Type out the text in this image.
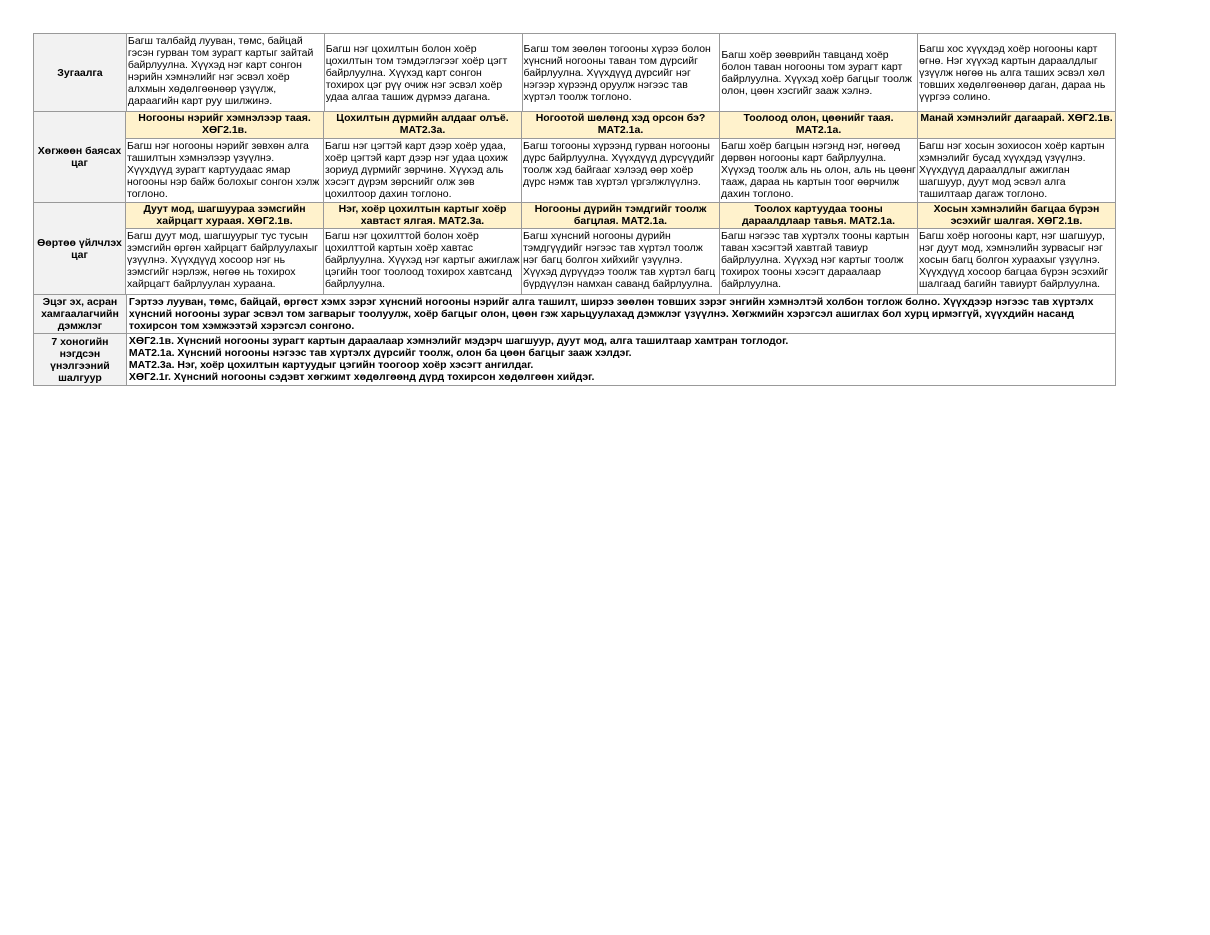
Зугаалга
Багш талбайд лууван, төмс, байцай гэсэн гурван том зурагт картыг зайтай байрлуулна. Хүүхэд нэг карт сонгон нэрийн хэмнэлийг нэг эсвэл хоёр алхмын хөдөлгөөнөөр үзүүлж, дараагийн карт руу шилжинэ.
Багш нэг цохилтын болон хоёр цохилтын том тэмдэглэгээг хоёр цэгт байрлуулна. Хүүхэд карт сонгон тохирох цэг рүү очиж нэг эсвэл хоёр удаа алгаа ташиж дүрмээ дагана.
Багш том зөөлөн тогооны хүрээ болон хүнсний ногооны таван том дүрсийг байрлуулна. Хүүхдүүд дүрсийг нэг нэгээр хүрээнд оруулж нэгээс тав хүртэл тоолж тоглоно.
Багш хоёр зөөврийн тавцанд хоёр болон таван ногооны том зурагт карт байрлуулна. Хүүхэд хоёр багцыг тоолж олон, цөөн хэсгийг зааж хэлнэ.
Багш хос хүүхдэд хоёр ногооны карт өгнө. Нэг хүүхэд картын дараалдлыг үзүүлж нөгөө нь алга таших эсвэл хөл товших хөдөлгөөнөөр даган, дараа нь үүргээ солино.
Хөгжөөн баясах цаг
Ногооны нэрийг хэмнэлээр таая. ХӨГ2.1в.
Цохилтын дүрмийн алдааг олъё. МАТ2.3а.
Ногоотой шөлөнд хэд орсон бэ? МАТ2.1а.
Тоолоод олон, цөөнийг таая. МАТ2.1а.
Манай хэмнэлийг дагаарай. ХӨГ2.1в.
Багш нэг ногооны нэрийг зөвхөн алга ташилтын хэмнэлээр үзүүлнэ. Хүүхдүүд зурагт картуудаас ямар ногооны нэр байж болохыг сонгон хэлж тоглоно.
Багш нэг цэгтэй карт дээр хоёр удаа, хоёр цэгтэй карт дээр нэг удаа цохиж зориуд дүрмийг зөрчинө. Хүүхэд аль хэсэгт дүрэм зөрснийг олж зөв цохилтоор дахин тоглоно.
Багш тогооны хүрээнд гурван ногооны дүрс байрлуулна. Хүүхдүүд дүрсүүдийг тоолж хэд байгааг хэлээд өөр хоёр дүрс нэмж тав хүртэл үргэлжлүүлнэ.
Багш хоёр багцын нэгэнд нэг, нөгөөд дөрвөн ногооны карт байрлуулна. Хүүхэд тоолж аль нь олон, аль нь цөөнг тааж, дараа нь картын тоог өөрчилж дахин тоглоно.
Багш нэг хосын зохиосон хоёр картын хэмнэлийг бусад хүүхдэд үзүүлнэ. Хүүхдүүд дараалдлыг ажиглан шагшуур, дуут мод эсвэл алга ташилтаар дагаж тоглоно.
Өөртөө үйлчлэх цаг
Дуут мод, шагшуураа зэмсгийн хайрцагт хураая. ХӨГ2.1в.
Нэг, хоёр цохилтын картыг хоёр хавтаст ялгая. МАТ2.3а.
Ногооны дүрийн тэмдгийг тоолж багцлая. МАТ2.1а.
Тоолох картуудаа тооны дараалдлаар тавья. МАТ2.1а.
Хосын хэмнэлийн багцаа бүрэн эсэхийг шалгая. ХӨГ2.1в.
Багш дуут мод, шагшуурыг тус тусын зэмсгийн өргөн хайрцагт байрлуулахыг үзүүлнэ. Хүүхдүүд хосоор нэг нь зэмсгийг нэрлэж, нөгөө нь тохирох хайрцагт байрлуулан хураана.
Багш нэг цохилттой болон хоёр цохилттой картын хоёр хавтас байрлуулна. Хүүхэд нэг картыг ажиглаж цэгийн тоог тоолоод тохирох хавтсанд байрлуулна.
Багш хүнсний ногооны дүрийн тэмдгүүдийг нэгээс тав хүртэл тоолж нэг багц болгон хийхийг үзүүлнэ. Хүүхэд дүрүүдээ тоолж тав хүртэл багц бүрдүүлэн намхан саванд байрлуулна.
Багш нэгээс тав хүртэлх тооны картын таван хэсэгтэй хавтгай тавиур байрлуулна. Хүүхэд нэг картыг тоолж тохирох тооны хэсэгт дараалаар байрлуулна.
Багш хоёр ногооны карт, нэг шагшуур, нэг дуут мод, хэмнэлийн зурвасыг нэг хосын багц болгон хураахыг үзүүлнэ. Хүүхдүүд хосоор багцаа бүрэн эсэхийг шалгаад багийн тавиурт байрлуулна.
Эцэг эх, асран хамгаалагчийн дэмжлэг
Гэртээ лууван, төмс, байцай, өргөст хэмх зэрэг хүнсний ногооны нэрийг алга ташилт, ширээ зөөлөн товших зэрэг энгийн хэмнэлтэй холбон тоглож болно. Хүүхдээр нэгээс тав хүртэлх хүнсний ногооны зураг эсвэл том загварыг тоолуулж, хоёр багцыг олон, цөөн гэж харьцуулахад дэмжлэг үзүүлнэ. Хөгжмийн хэрэгсэл ашиглах бол хурц ирмэггүй, хүүхдийн насанд тохирсон том хэмжээтэй хэрэгсэл сонгоно.
7 хоногийн нэгдсэн үнэлгээний шалгуур
ХӨГ2.1в. Хүнсний ногооны зурагт картын дараалаар хэмнэлийг мэдэрч шагшуур, дуут мод, алга ташилтаар хамтран тоглодог.
МАТ2.1а. Хүнсний ногооны нэгээс тав хүртэлх дүрсийг тоолж, олон ба цөөн багцыг зааж хэлдэг.
МАТ2.3а. Нэг, хоёр цохилтын картуудыг цэгийн тоогоор хоёр хэсэгт ангилдаг.
ХӨГ2.1г. Хүнсний ногооны сэдэвт хөгжимт хөдөлгөөнд дүрд тохирсон хөдөлгөөн хийдэг.
